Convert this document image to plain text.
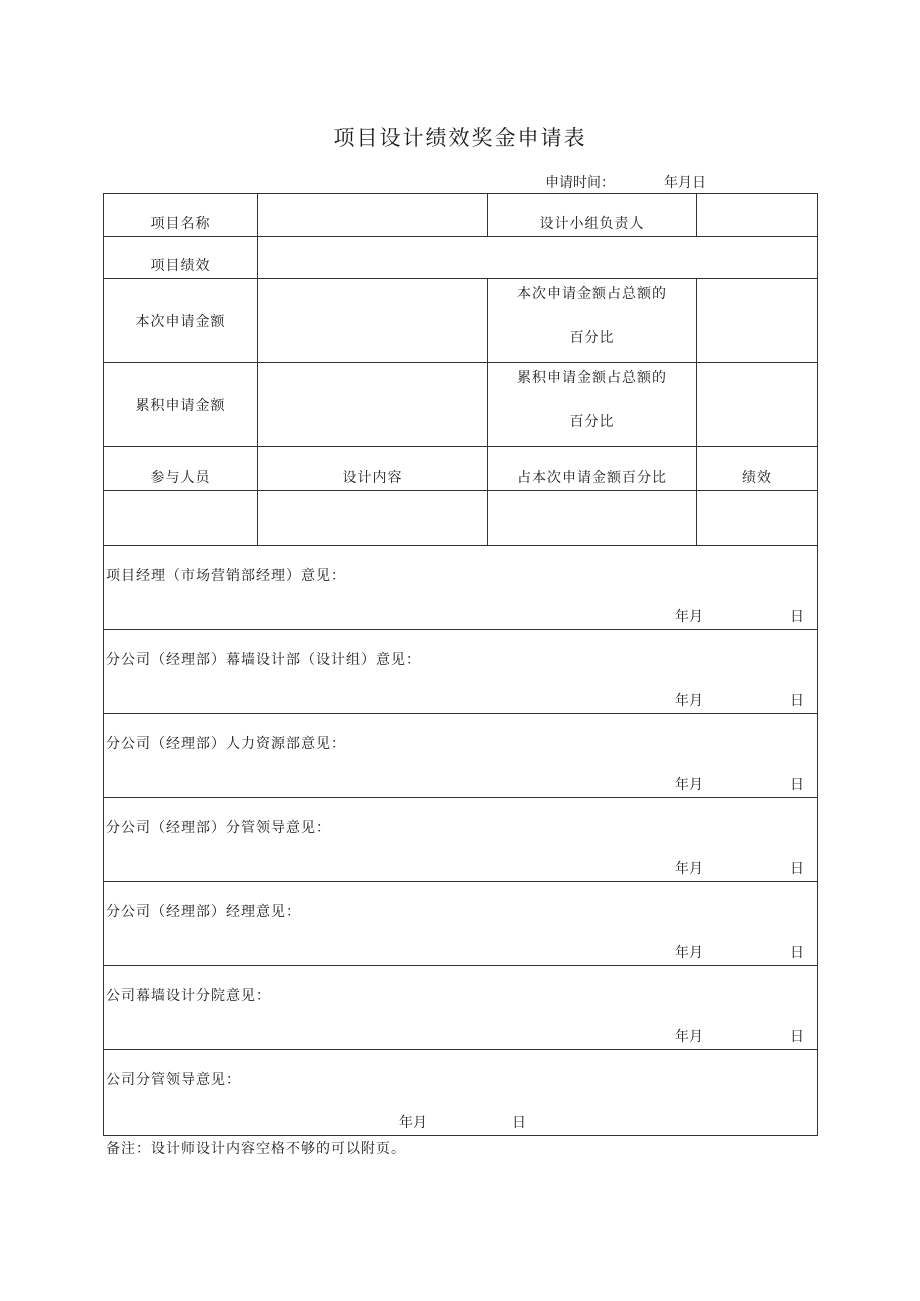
项目设计绩效奖金申请表
申请时间：	年月日
项目名称		设计小组负责人	
项目绩效			
本次申请金额		本次申请金额占总额的
百分比	

累积申请金额		累积申请金额占总额的
百分比	

参与人员	设计内容	占本次申请金额百分比	绩效

项目经理（市场营销部经理）意见：
年月 日			

分公司（经理部）幕墙设计部（设计组）意见：
年月 日			

分公司（经理部）人力资源部意见：
年月 日			

分公司（经理部）分管领导意见：
年月 日			

分公司（经理部）经理意见：
年月 日			

公司幕墙设计分院意见：
年月 日			

公司分管领导意见：
年月 日			
备注：设计师设计内容空格不够的可以附页。
